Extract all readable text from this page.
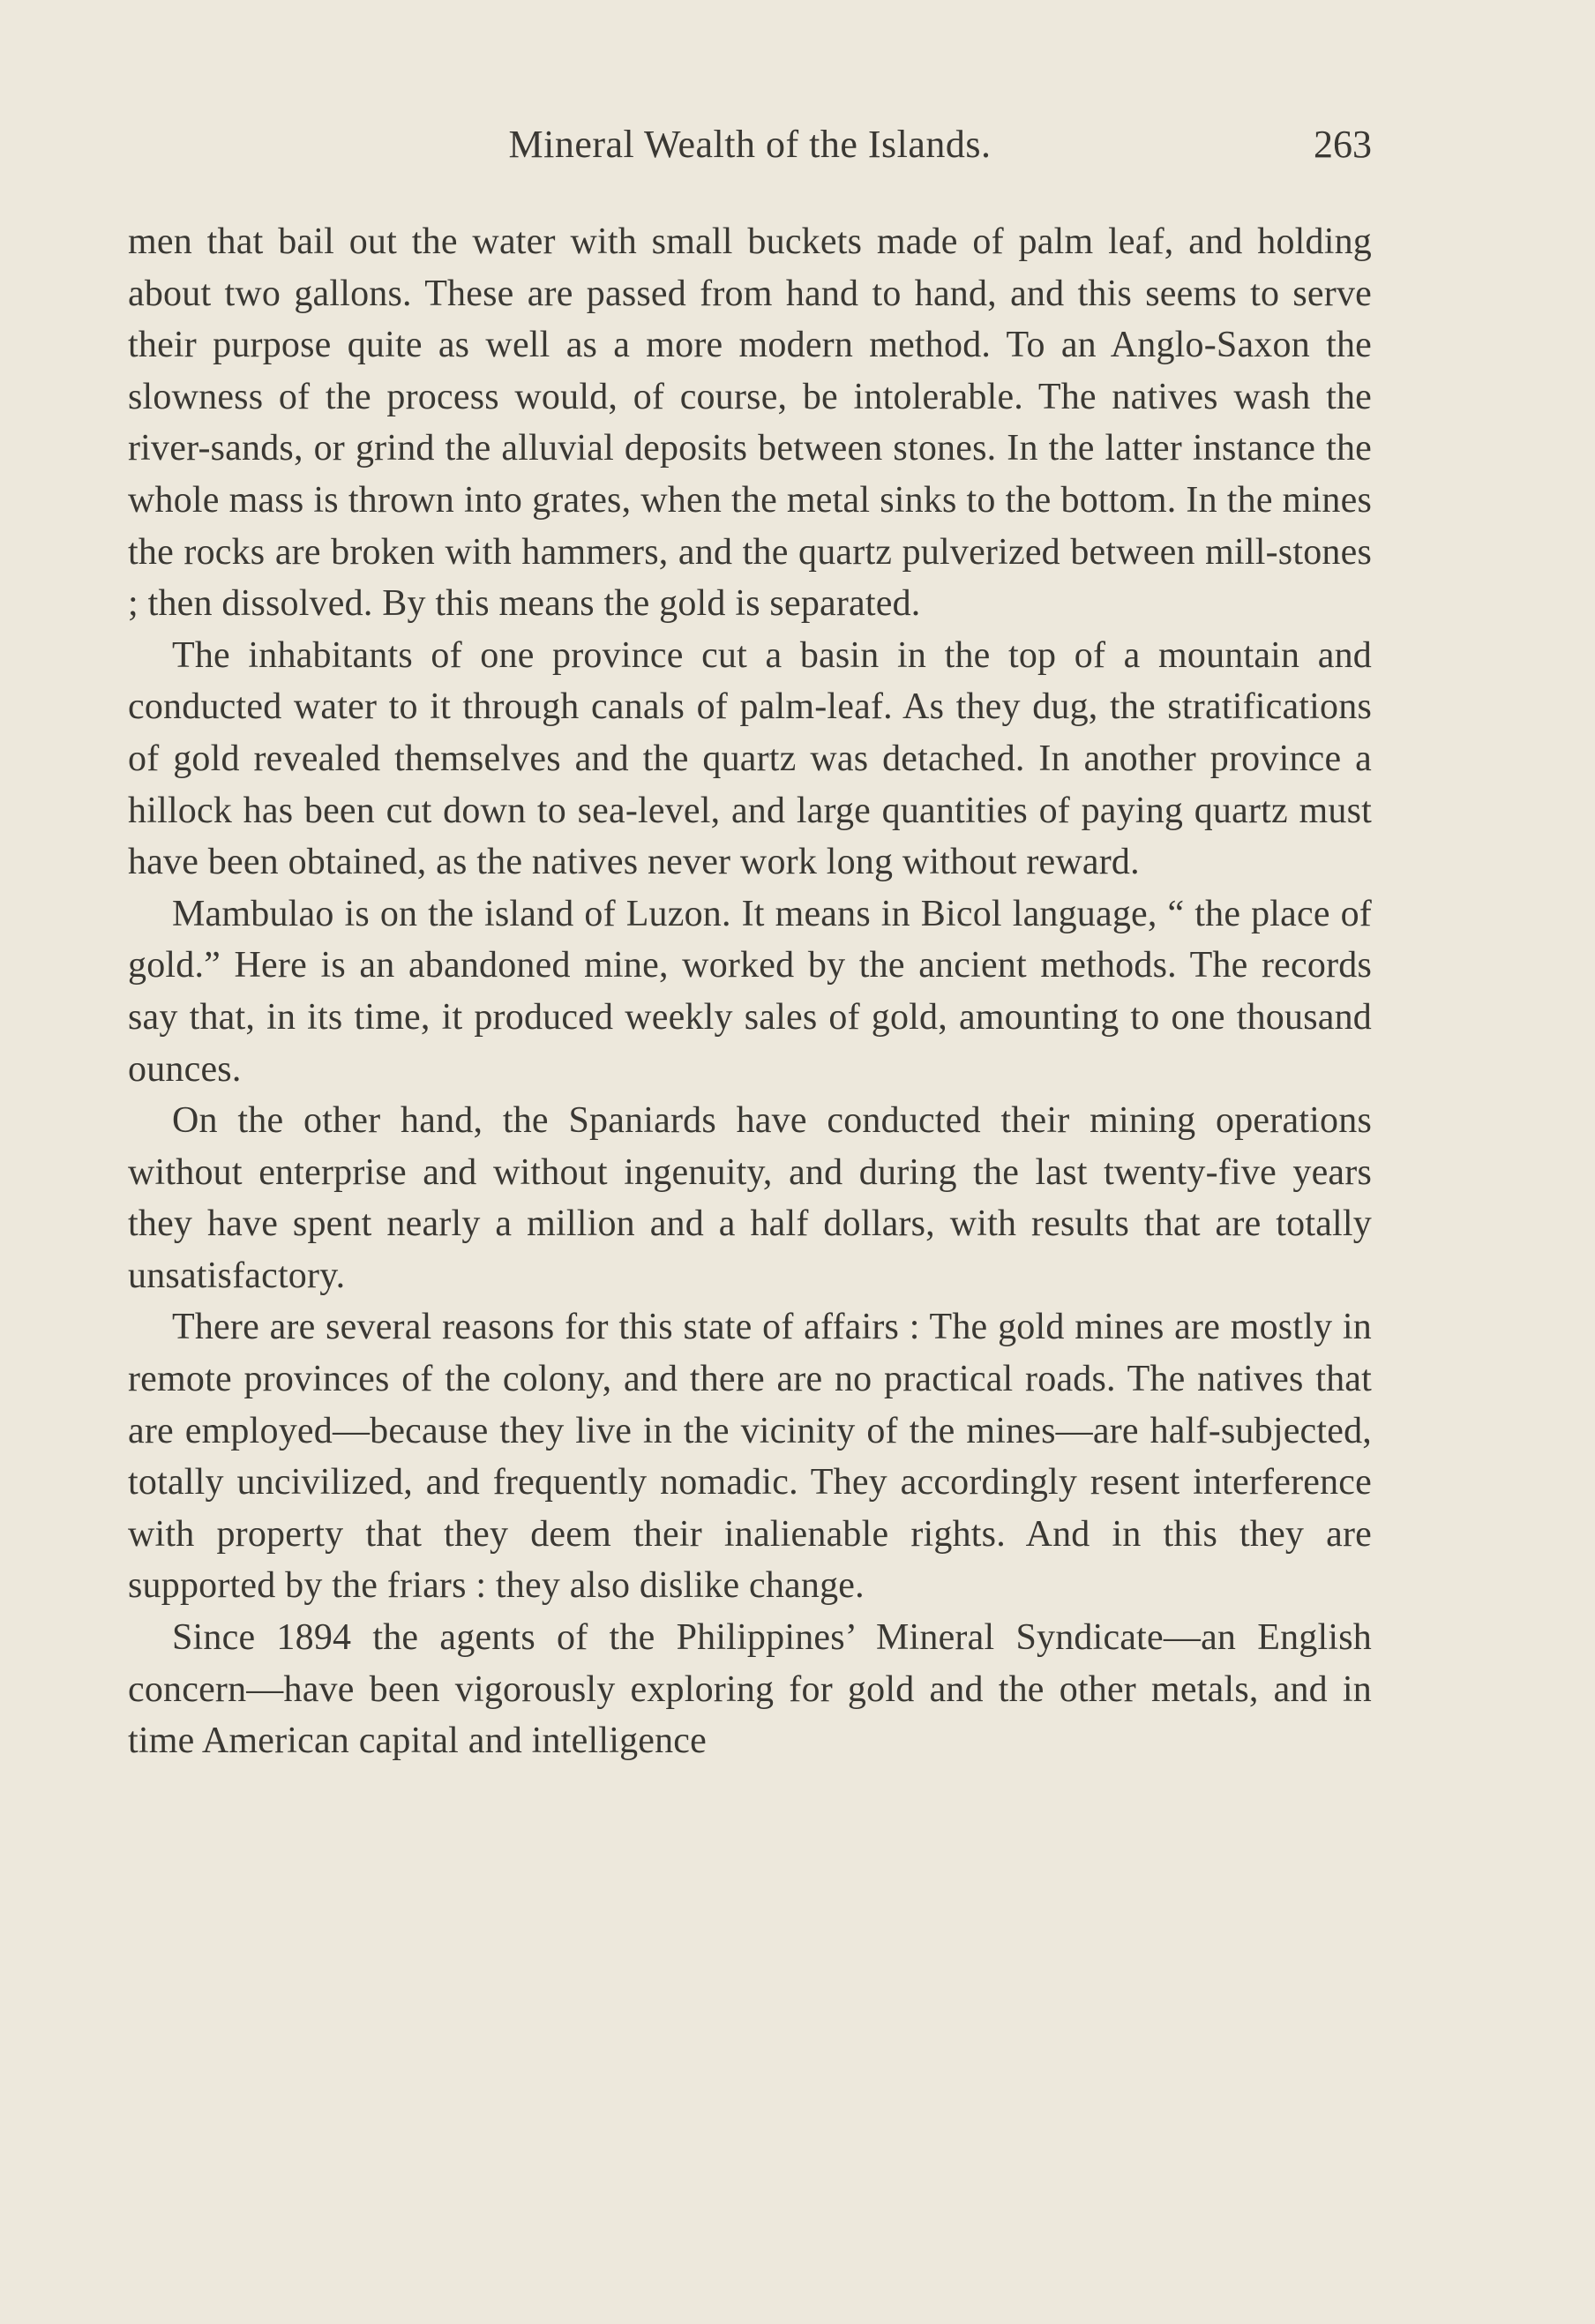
Mineral Wealth of the Islands.	263

men that bail out the water with small buckets made of palm leaf, and holding about two gallons. These are passed from hand to hand, and this seems to serve their purpose quite as well as a more modern method. To an Anglo-Saxon the slowness of the process would, of course, be intolerable. The natives wash the river-sands, or grind the alluvial deposits between stones. In the latter instance the whole mass is thrown into grates, when the metal sinks to the bottom. In the mines the rocks are broken with hammers, and the quartz pulverized between mill-stones ; then dissolved. By this means the gold is separated.

The inhabitants of one province cut a basin in the top of a mountain and conducted water to it through canals of palm-leaf. As they dug, the stratifications of gold revealed themselves and the quartz was detached. In another province a hillock has been cut down to sea-level, and large quantities of paying quartz must have been obtained, as the natives never work long without reward.

Mambulao is on the island of Luzon. It means in Bicol language, “ the place of gold.” Here is an abandoned mine, worked by the ancient methods. The records say that, in its time, it produced weekly sales of gold, amounting to one thousand ounces.

On the other hand, the Spaniards have conducted their mining operations without enterprise and without ingenuity, and during the last twenty-five years they have spent nearly a million and a half dollars, with results that are totally unsatisfactory.

There are several reasons for this state of affairs : The gold mines are mostly in remote provinces of the colony, and there are no practical roads. The natives that are employed—because they live in the vicinity of the mines—are half-subjected, totally uncivilized, and frequently nomadic. They accordingly resent interference with property that they deem their inalienable rights. And in this they are supported by the friars : they also dislike change.

Since 1894 the agents of the Philippines’ Mineral Syndicate—an English concern—have been vigorously exploring for gold and the other metals, and in time American capital and intelligence
